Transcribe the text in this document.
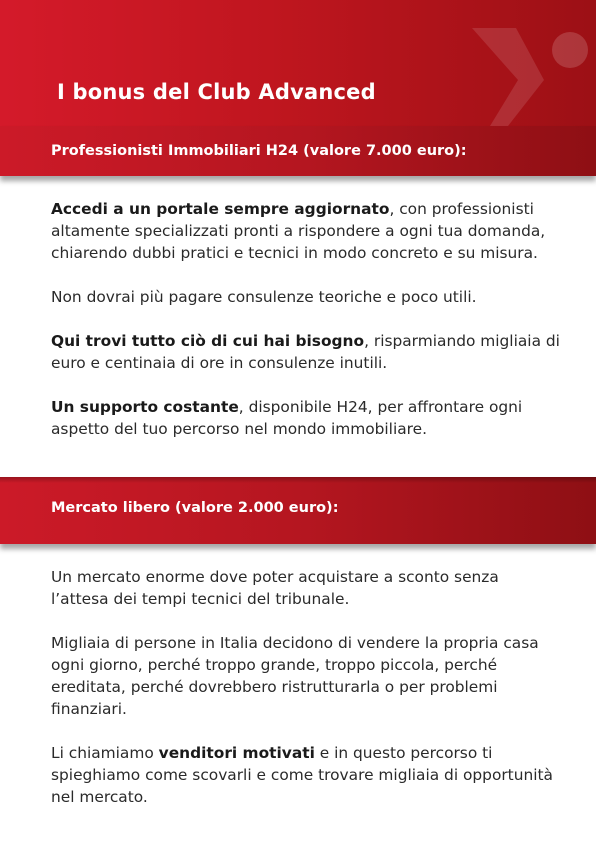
I bonus del Club Advanced
Professionisti Immobiliari H24 (valore 7.000 euro):

Accedi a un portale sempre aggiornato, con professionisti altamente specializzati pronti a rispondere a ogni tua domanda, chiarendo dubbi pratici e tecnici in modo concreto e su misura.

Non dovrai più pagare consulenze teoriche e poco utili.

Qui trovi tutto ciò di cui hai bisogno, risparmiando migliaia di euro e centinaia di ore in consulenze inutili.

Un supporto costante, disponibile H24, per affrontare ogni aspetto del tuo percorso nel mondo immobiliare.

Mercato libero (valore 2.000 euro):

Un mercato enorme dove poter acquistare a sconto senza l’attesa dei tempi tecnici del tribunale.

Migliaia di persone in Italia decidono di vendere la propria casa ogni giorno, perché troppo grande, troppo piccola, perché ereditata, perché dovrebbero ristrutturarla o per problemi finanziari.

Li chiamiamo venditori motivati e in questo percorso ti spieghiamo come scovarli e come trovare migliaia di opportunità nel mercato.
